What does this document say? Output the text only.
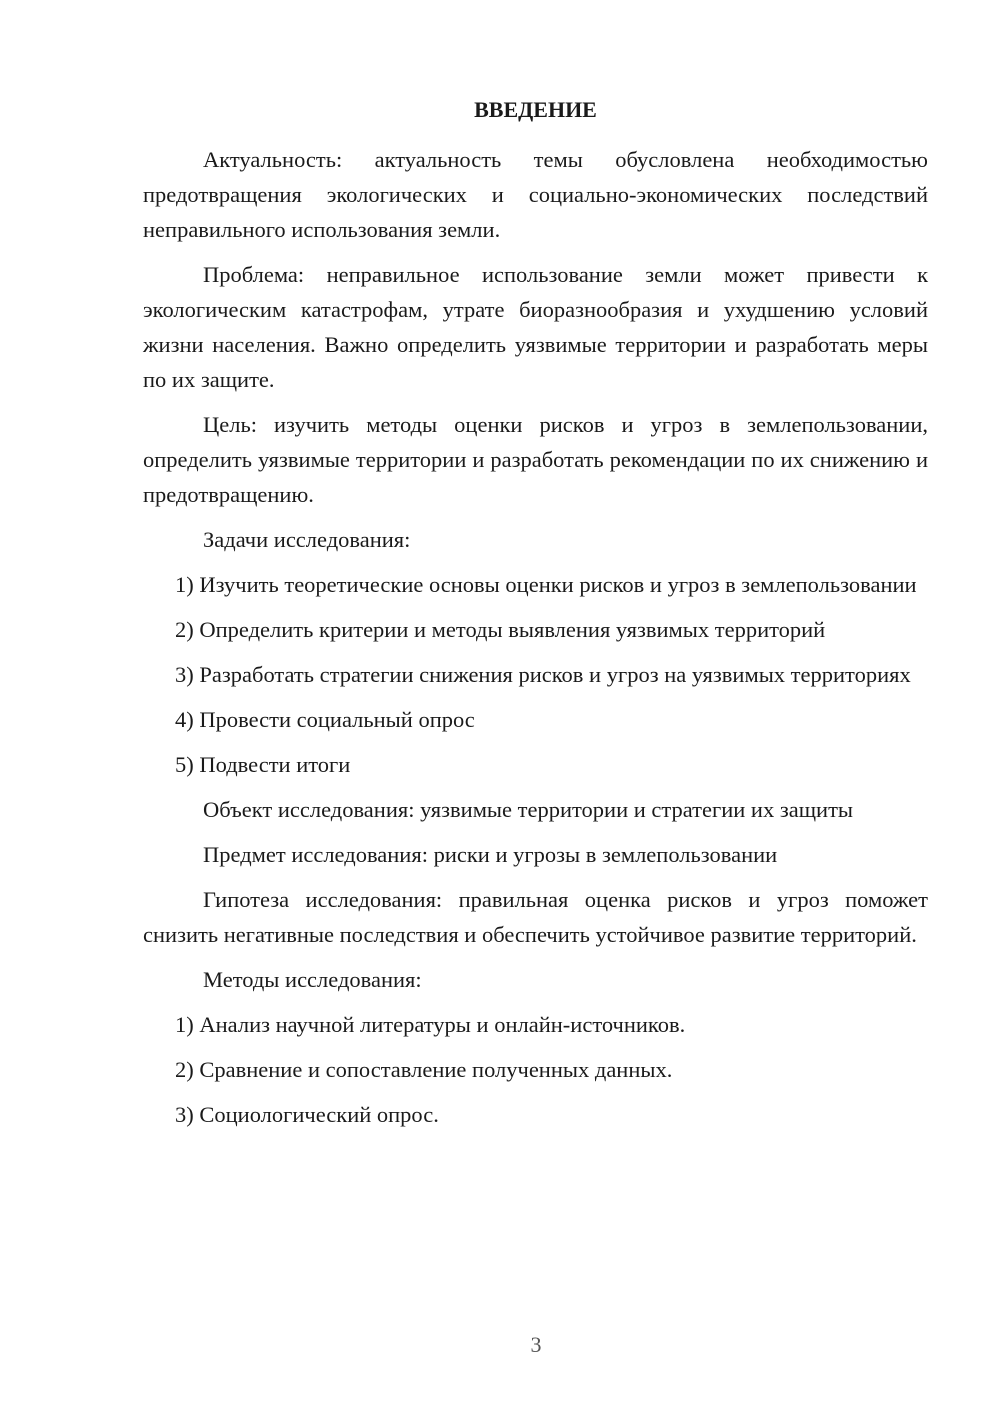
ВВЕДЕНИЕ

Актуальность: актуальность темы обусловлена необходимостью предотвращения экологических и социально-экономических последствий неправильного использования земли.

Проблема: неправильное использование земли может привести к экологическим катастрофам, утрате биоразнообразия и ухудшению условий жизни населения. Важно определить уязвимые территории и разработать меры по их защите.

Цель: изучить методы оценки рисков и угроз в землепользовании, определить уязвимые территории и разработать рекомендации по их снижению и предотвращению.

Задачи исследования:

1) Изучить теоретические основы оценки рисков и угроз в землепользовании

2) Определить критерии и методы выявления уязвимых территорий

3) Разработать стратегии снижения рисков и угроз на уязвимых территориях

4) Провести социальный опрос

5) Подвести итоги

Объект исследования: уязвимые территории и стратегии их защиты

Предмет исследования: риски и угрозы в землепользовании

Гипотеза исследования: правильная оценка рисков и угроз поможет снизить негативные последствия и обеспечить устойчивое развитие территорий.

Методы исследования:

1) Анализ научной литературы и онлайн-источников.

2) Сравнение и сопоставление полученных данных.

3) Социологический опрос.

3
